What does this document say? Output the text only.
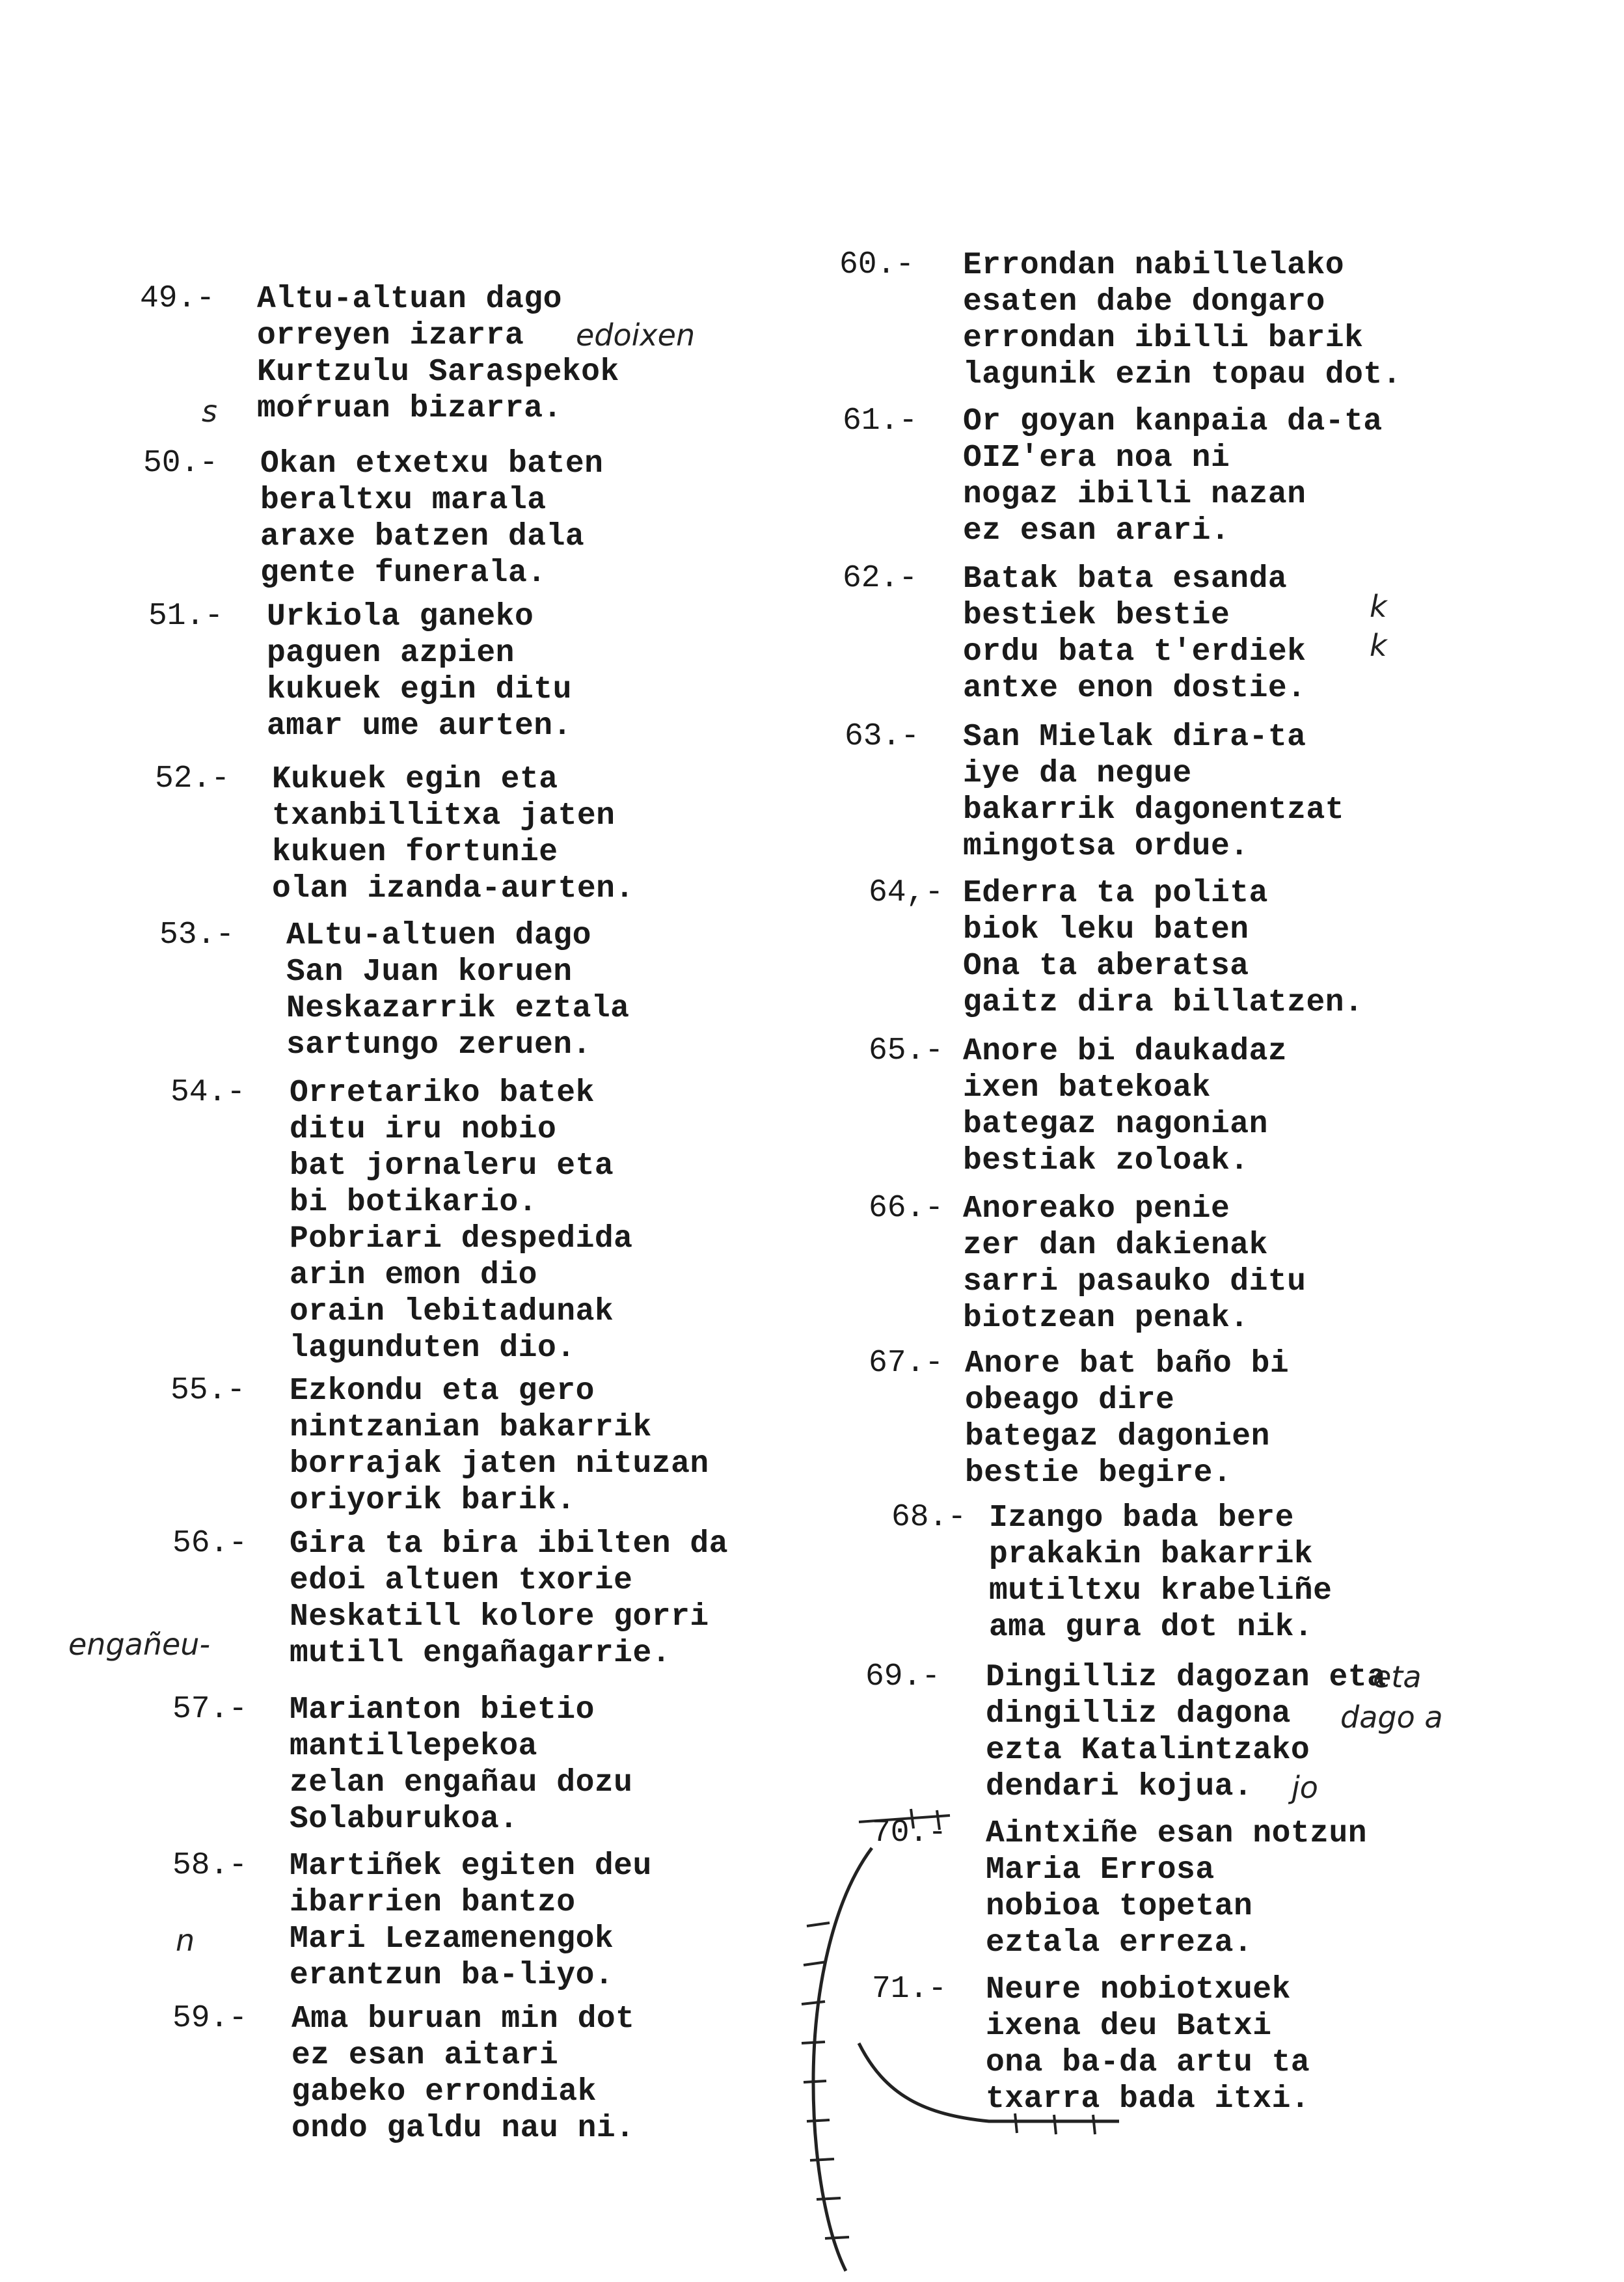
49.- Altu-altuan dago
orreyen izarra
Kurtzulu Saraspekok
moŕruan bizarra.
50.- Okan etxetxu baten
beraltxu marala
araxe batzen dala
gente funerala.
51.- Urkiola ganeko
paguen azpien
kukuek egin ditu
amar ume aurten.
52.- Kukuek egin eta
txanbillitxa jaten
kukuen fortunie
olan izanda-aurten.
53.- ALtu-altuen dago
San Juan koruen
Neskazarrik eztala
sartungo zeruen.
54.- Orretariko batek
ditu iru nobio
bat jornaleru eta
bi botikario.
Pobriari despedida
arin emon dio
orain lebitadunak
lagunduten dio.
55.- Ezkondu eta gero
nintzanian bakarrik
borrajak jaten nituzan
oriyorik barik.
56.- Gira ta bira ibilten da
edoi altuen txorie
Neskatill kolore gorri
mutill engañagarrie.
57.- Marianton bietio
mantillepekoa
zelan engañau dozu
Solaburukoa.
58.- Martiñek egiten deu
ibarrien bantzo
Mari Lezamenengok
erantzun ba-liyo.
59.- Ama buruan min dot
ez esan aitari
gabeko errondiak
ondo galdu nau ni.
60.- Errondan nabillelako
esaten dabe dongaro
errondan ibilli barik
lagunik ezin topau dot.
61.- Or goyan kanpaia da-ta
OIZ'era noa ni
nogaz ibilli nazan
ez esan arari.
62.- Batak bata esanda
bestiek bestie
ordu bata t'erdiek
antxe enon dostie.
63.- San Mielak dira-ta
iye da negue
bakarrik dagonentzat
mingotsa ordue.
64,- Ederra ta polita
biok leku baten
Ona ta aberatsa
gaitz dira billatzen.
65.- Anore bi daukadaz
ixen batekoak
bategaz nagonian
bestiak zoloak.
66.- Anoreako penie
zer dan dakienak
sarri pasauko ditu
biotzean penak.
67.- Anore bat baño bi
obeago dire
bategaz dagonien
bestie begire.
68.- Izango bada bere
prakakin bakarrik
mutiltxu krabeliñe
ama gura dot nik.
69.- Dingilliz dagozan eta
dingilliz dagona
ezta Katalintzako
dendari kojua.
70.- Aintxiñe esan notzun
Maria Errosa
nobioa topetan
eztala erreza.
71.- Neure nobiotxuek
ixena deu Batxi
ona ba-da artu ta
txarra bada itxi.
edoixen
s
engañeu-
n
k
k
eta
dago a
jo
